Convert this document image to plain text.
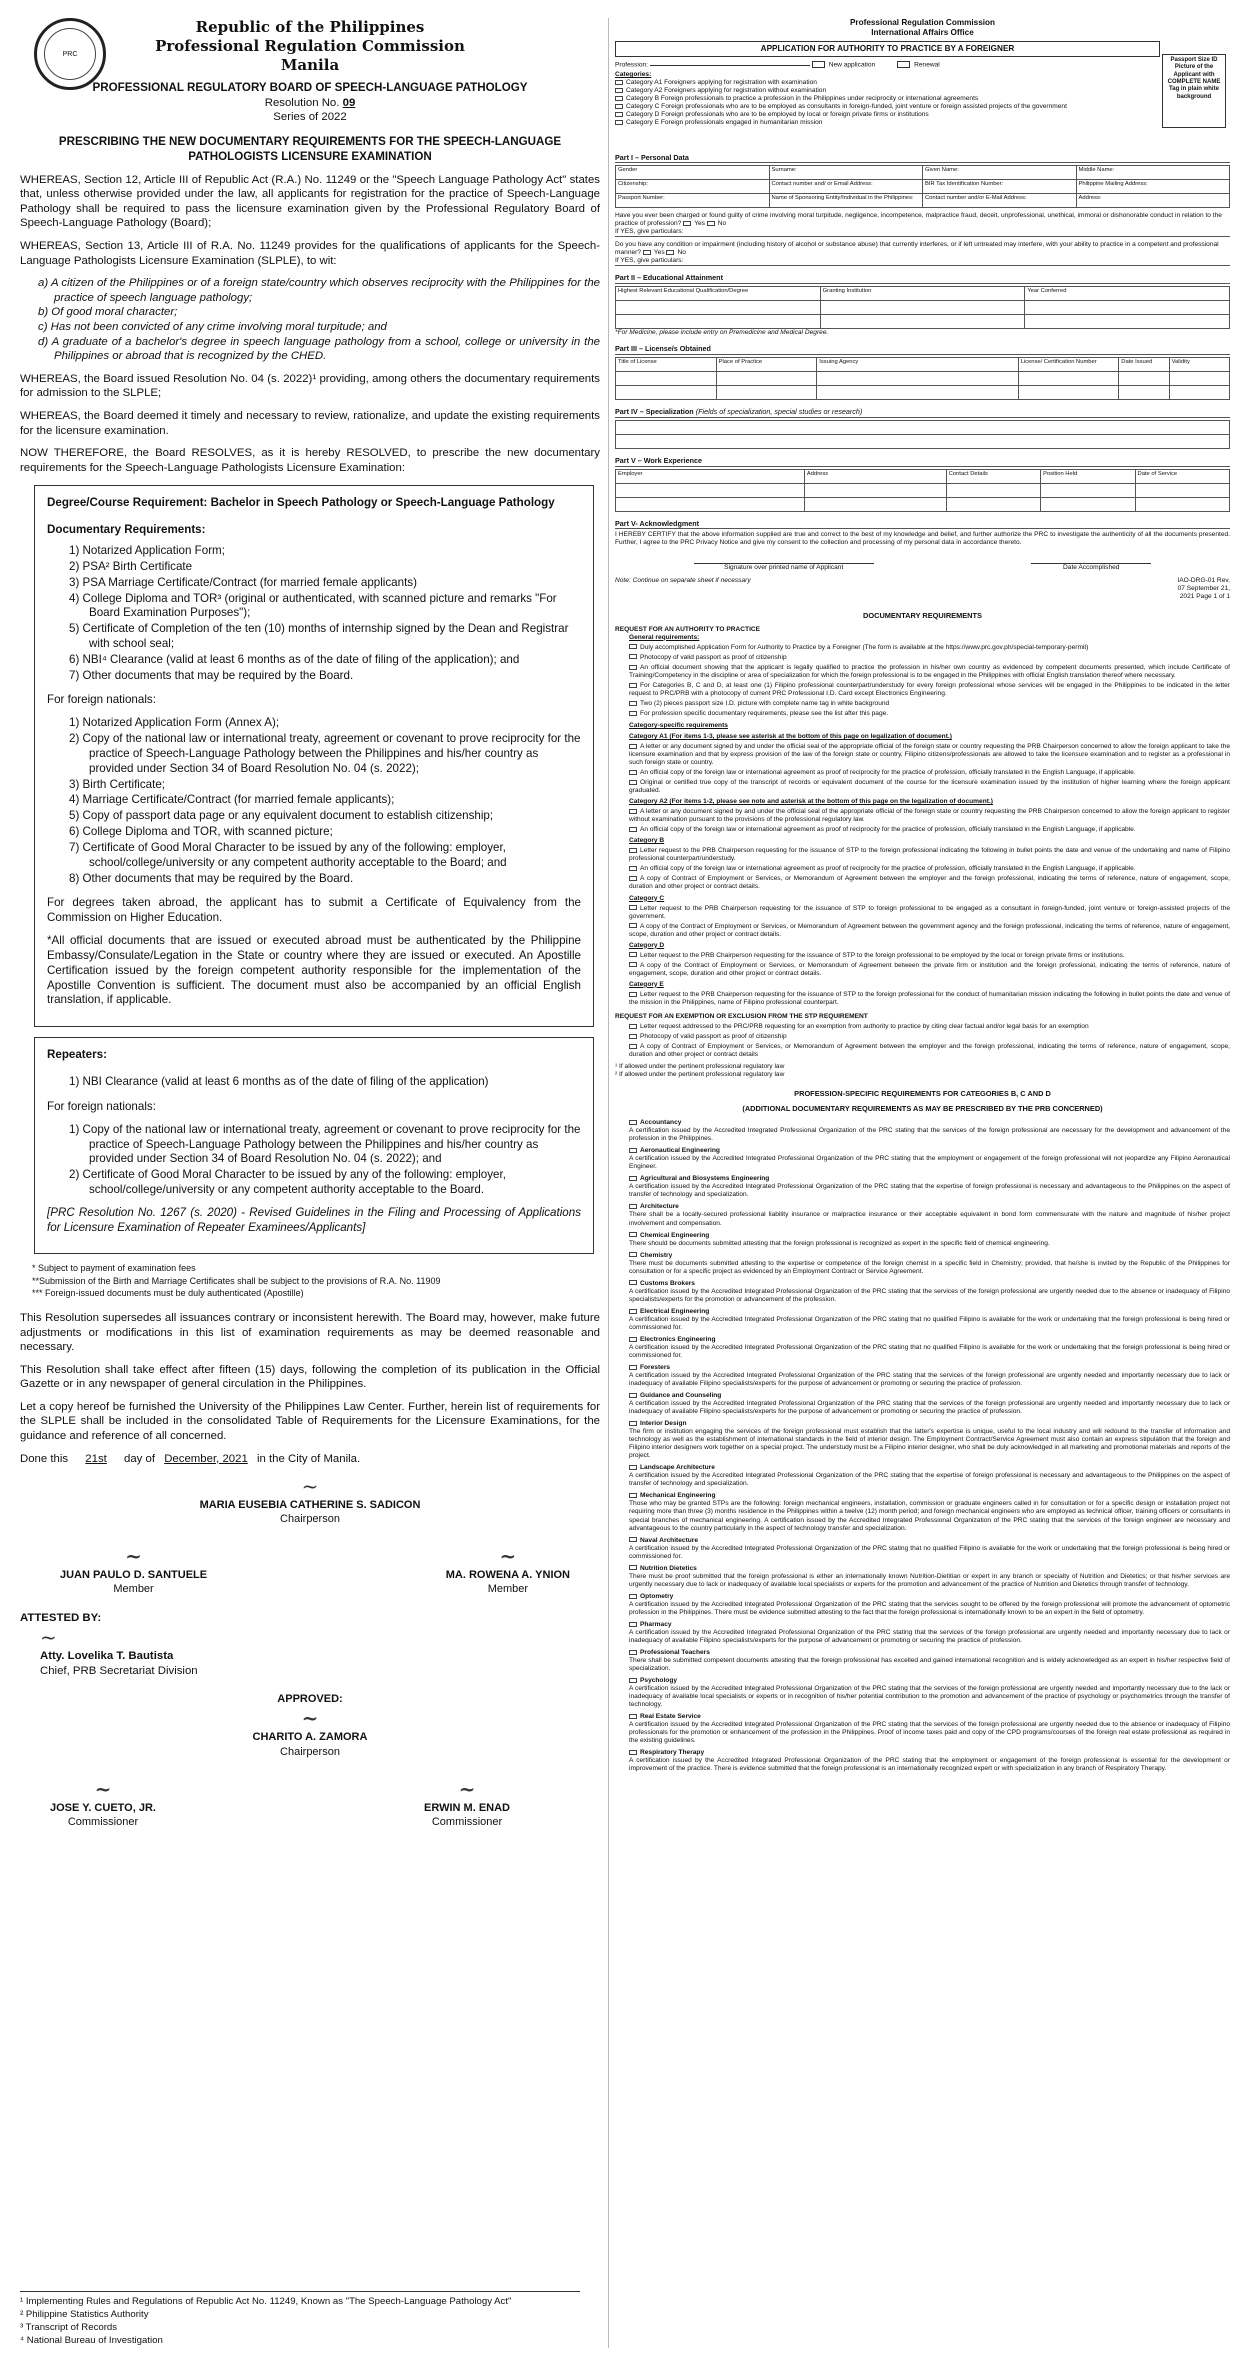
PRC
Republic of the Philippines
Professional Regulation Commission
Manila
PROFESSIONAL REGULATORY BOARD OF SPEECH-LANGUAGE PATHOLOGY
Resolution No. 09
Series of 2022
PRESCRIBING THE NEW DOCUMENTARY REQUIREMENTS FOR THE SPEECH-LANGUAGE PATHOLOGISTS LICENSURE EXAMINATION

WHEREAS, Section 12, Article III of Republic Act (R.A.) No. 11249 or the "Speech Language Pathology Act" states that, unless otherwise provided under the law, all applicants for registration for the practice of Speech-Language Pathology shall be required to pass the licensure examination given by the Professional Regulatory Board of Speech-Language Pathology (Board);

WHEREAS, Section 13, Article III of R.A. No. 11249 provides for the qualifications of applicants for the Speech-Language Pathologists Licensure Examination (SLPLE), to wit:

a) A citizen of the Philippines or of a foreign state/country which observes reciprocity with the Philippines for the practice of speech language pathology;
b) Of good moral character;
c) Has not been convicted of any crime involving moral turpitude; and
d) A graduate of a bachelor's degree in speech language pathology from a school, college or university in the Philippines or abroad that is recognized by the CHED.

WHEREAS, the Board issued Resolution No. 04 (s. 2022)¹ providing, among others the documentary requirements for admission to the SLPLE;

WHEREAS, the Board deemed it timely and necessary to review, rationalize, and update the existing requirements for the licensure examination.

NOW THEREFORE, the Board RESOLVES, as it is hereby RESOLVED, to prescribe the new documentary requirements for the Speech-Language Pathologists Licensure Examination:

Degree/Course Requirement: Bachelor in Speech Pathology or Speech-Language Pathology
Documentary Requirements:
1) Notarized Application Form;
2) PSA² Birth Certificate
3) PSA Marriage Certificate/Contract (for married female applicants)
4) College Diploma and TOR³ (original or authenticated, with scanned picture and remarks "For Board Examination Purposes");
5) Certificate of Completion of the ten (10) months of internship signed by the Dean and Registrar with school seal;
6) NBI⁴ Clearance (valid at least 6 months as of the date of filing of the application); and
7) Other documents that may be required by the Board.
For foreign nationals:
1) Notarized Application Form (Annex A);
2) Copy of the national law or international treaty, agreement or covenant to prove reciprocity for the practice of Speech-Language Pathology between the Philippines and his/her country as provided under Section 34 of Board Resolution No. 04 (s. 2022);
3) Birth Certificate;
4) Marriage Certificate/Contract (for married female applicants);
5) Copy of passport data page or any equivalent document to establish citizenship;
6) College Diploma and TOR, with scanned picture;
7) Certificate of Good Moral Character to be issued by any of the following: employer, school/college/university or any competent authority acceptable to the Board; and
8) Other documents that may be required by the Board.

For degrees taken abroad, the applicant has to submit a Certificate of Equivalency from the Commission on Higher Education.

*All official documents that are issued or executed abroad must be authenticated by the Philippine Embassy/Consulate/Legation in the State or country where they are issued or executed. An Apostille Certification issued by the foreign competent authority responsible for the implementation of the Apostille Convention is sufficient. The document must also be accompanied by an official English translation, if applicable.

Repeaters:
1) NBI Clearance (valid at least 6 months as of the date of filing of the application)
For foreign nationals:
1) Copy of the national law or international treaty, agreement or covenant to prove reciprocity for the practice of Speech-Language Pathology between the Philippines and his/her country as provided under Section 34 of Board Resolution No. 04 (s. 2022); and
2) Certificate of Good Moral Character to be issued by any of the following: employer, school/college/university or any competent authority acceptable to the Board.

[PRC Resolution No. 1267 (s. 2020) - Revised Guidelines in the Filing and Processing of Applications for Licensure Examination of Repeater Examinees/Applicants]

* Subject to payment of examination fees
**Submission of the Birth and Marriage Certificates shall be subject to the provisions of R.A. No. 11909
*** Foreign-issued documents must be duly authenticated (Apostille)

This Resolution supersedes all issuances contrary or inconsistent herewith. The Board may, however, make future adjustments or modifications in this list of examination requirements as may be deemed reasonable and necessary.

This Resolution shall take effect after fifteen (15) days, following the completion of its publication in the Official Gazette or in any newspaper of general circulation in the Philippines.

Let a copy hereof be furnished the University of the Philippines Law Center. Further, herein list of requirements for the SLPLE shall be included in the consolidated Table of Requirements for the Licensure Examinations, for the guidance and reference of all concerned.

Done this 21st day of December, 2021 in the City of Manila.

~
MARIA EUSEBIA CATHERINE S. SADICON
Chairperson
~
JUAN PAULO D. SANTUELE
Member
~
MA. ROWENA A. YNION
Member
ATTESTED BY:
~
Atty. Lovelika T. Bautista
Chief, PRB Secretariat Division
APPROVED:
~
CHARITO A. ZAMORA
Chairperson
~
JOSE Y. CUETO, JR.
Commissioner
~
ERWIN M. ENAD
Commissioner
¹ Implementing Rules and Regulations of Republic Act No. 11249, Known as "The Speech-Language Pathology Act"
² Philippine Statistics Authority
³ Transcript of Records
⁴ National Bureau of Investigation
Professional Regulation Commission
International Affairs Office
APPLICATION FOR AUTHORITY TO PRACTICE BY A FOREIGNER
Passport Size ID Picture of the Applicant with COMPLETE NAME Tag in plain white background
Profession:	New application	Renewal
Categories:
Category A1 Foreigners applying for registration with examination
Category A2 Foreigners applying for registration without examination
Category B Foreign professionals to practice a profession in the Philippines under reciprocity or international agreements
Category C Foreign professionals who are to be employed as consultants in foreign-funded, joint venture or foreign assisted projects of the government
Category D Foreign professionals who are to be employed by local or foreign private firms or institutions
Category E Foreign professionals engaged in humanitarian mission
Part I – Personal Data
Gender	Surname:	Given Name:	Middle Name:
Citizenship:	Contact number and/ or Email Address:	BIR Tax Identification Number:	Philippine Mailing Address:
Passport Number:	Name of Sponsoring Entity/Individual in the Philippines:	Contact number and/or E-Mail Address:	Address:
Have you ever been charged or found guilty of crime involving moral turpitude, negligence, incompetence, malpractice fraud, deceit, unprofessional, unethical, immoral or dishonorable conduct in relation to the practice of profession? Yes No
If YES, give particulars:
Do you have any condition or impairment (including history of alcohol or substance abuse) that currently interferes, or if left untreated may interfere, with your ability to practice in a competent and professional manner? Yes No
If YES, give particulars:
Part II – Educational Attainment
Highest Relevant Educational Qualification/Degree	Granting Institution	Year Conferred
*For Medicine, please include entry on Premedicine and Medical Degree.
Part III – License/s Obtained
Title of License	Place of Practice	Issuing Agency	License/ Certification Number	Date Issued	Validity
Part IV – Specialization (Fields of specialization, special studies or research)
Part V – Work Experience
Employer	Address	Contact Details	Position Held	Date of Service
Part V- Acknowledgment
I HEREBY CERTIFY that the above information supplied are true and correct to the best of my knowledge and belief, and further authorize the PRC to investigate the authenticity of all the documents presented. Further, I agree to the PRC Privacy Notice and give my consent to the collection and processing of my personal data in accordance thereto.
Signature over printed name of Applicant	Date Accomplished
Note: Continue on separate sheet if necessary	IAO-DRG-01 Rev. 07 September 21, 2021 Page 1 of 1
DOCUMENTARY REQUIREMENTS
REQUEST FOR AN AUTHORITY TO PRACTICE
General requirements:
Duly accomplished Application Form for Authority to Practice by a Foreigner (The form is available at the https://www.prc.gov.ph/special-temporary-permit)
Photocopy of valid passport as proof of citizenship
An official document showing that the applicant is legally qualified to practice the profession in his/her own country as evidenced by competent documents presented, which include Certificate of Training/Competency in the discipline or area of specialization for which the foreign professional is to be engaged in the Philippines with official English translation thereof where necessary.
For Categories B, C and D, at least one (1) Filipino professional counterpart/understudy for every foreign professional whose services will be engaged in the Philippines to be indicated in the letter request to PRC/PRB with a photocopy of current PRC Professional I.D. Card except Electronics Engineering.
Two (2) pieces passport size I.D. picture with complete name tag in white background
For profession specific documentary requirements, please see the list after this page.
Category-specific requirements
Category A1 (For items 1-3, please see asterisk at the bottom of this page on legalization of document.)
A letter or any document signed by and under the official seal of the appropriate official of the foreign state or country requesting the PRB Chairperson concerned to allow the foreign applicant to take the licensure examination and that by express provision of the law of the foreign state or country, Filipino citizens/professionals are allowed to take the licensure examination and to register as a professional in such foreign state or country.
An official copy of the foreign law or international agreement as proof of reciprocity for the practice of profession, officially translated in the English Language, if applicable.
Original or certified true copy of the transcript of records or equivalent document of the course for the licensure examination issued by the institution of higher learning where the foreign applicant graduated.
Category A2 (For items 1-2, please see note and asterisk at the bottom of this page on the legalization of document.)
A letter or any document signed by and under the official seal of the appropriate official of the foreign state or country requesting the PRB Chairperson concerned to allow the foreign applicant to register without examination pursuant to the provisions of the professional regulatory law.
An official copy of the foreign law or international agreement as proof of reciprocity for the practice of profession, officially translated in the English Language, if applicable.
Category B
Letter request to the PRB Chairperson requesting for the issuance of STP to the foreign professional indicating the following in bullet points the date and venue of the undertaking and name of Filipino professional counterpart/understudy.
An official copy of the foreign law or international agreement as proof of reciprocity for the practice of profession, officially translated in the English Language, if applicable.
A copy of Contract of Employment or Services, or Memorandum of Agreement between the employer and the foreign professional, indicating the terms of reference, nature of engagement, scope, duration and other project or contract details.
Category C
Letter request to the PRB Chairperson requesting for the issuance of STP to foreign professional to be engaged as a consultant in foreign-funded, joint venture or foreign-assisted projects of the government.
A copy of the Contract of Employment or Services, or Memorandum of Agreement between the government agency and the foreign professional, indicating the terms of reference, nature of engagement, scope, duration and other project or contract details.
Category D
Letter request to the PRB Chairperson requesting for the issuance of STP to the foreign professional to be employed by the local or foreign private firms or institutions.
A copy of the Contract of Employment or Services, or Memorandum of Agreement between the private firm or institution and the foreign professional, indicating the terms of reference, nature of engagement, scope, duration and other project or contract details.
Category E
Letter request to the PRB Chairperson requesting for the issuance of STP to the foreign professional for the conduct of humanitarian mission indicating the following in bullet points the date and venue of the mission in the Philippines, name of Filipino professional counterpart.
REQUEST FOR AN EXEMPTION OR EXCLUSION FROM THE STP REQUIREMENT
Letter request addressed to the PRC/PRB requesting for an exemption from authority to practice by citing clear factual and/or legal basis for an exemption
Photocopy of valid passport as proof of citizenship
A copy of Contract of Employment or Services, or Memorandum of Agreement between the employer and the foreign professional, indicating the terms of reference, nature of engagement, scope, duration and other project or contract details
¹ If allowed under the pertinent professional regulatory law
² If allowed under the pertinent professional regulatory law
PROFESSION-SPECIFIC REQUIREMENTS FOR CATEGORIES B, C AND D
(ADDITIONAL DOCUMENTARY REQUIREMENTS AS MAY BE PRESCRIBED BY THE PRB CONCERNED)
Accountancy
A certification issued by the Accredited Integrated Professional Organization of the PRC stating that the services of the foreign professional are necessary for the development and advancement of the profession in the Philippines.
Aeronautical Engineering
A certification issued by the Accredited Integrated Professional Organization of the PRC stating that the employment or engagement of the foreign professional will not jeopardize any Filipino Aeronautical Engineer.
Agricultural and Biosystems Engineering
A certification issued by the Accredited Integrated Professional Organization of the PRC stating that the expertise of foreign professional is necessary and advantageous to the Philippines on the aspect of transfer of technology and specialization.
Architecture
There shall be a locally-secured professional liability insurance or malpractice insurance or their acceptable equivalent in bond form commensurate with the nature and magnitude of his/her project involvement and compensation.
Chemical Engineering
There should be documents submitted attesting that the foreign professional is recognized as expert in the specific field of chemical engineering.
Chemistry
There must be documents submitted attesting to the expertise or competence of the foreign chemist in a specific field in Chemistry; provided, that he/she is invited by the Republic of the Philippines for consultation or for a specific project as evidenced by an Employment Contract or Service Agreement.
Customs Brokers
A certification issued by the Accredited Integrated Professional Organization of the PRC stating that the services of the foreign professional are urgently needed due to the absence or inadequacy of Filipino specialists/experts for the promotion or advancement of the profession.
Electrical Engineering
A certification issued by the Accredited Integrated Professional Organization of the PRC stating that no qualified Filipino is available for the work or undertaking that the foreign professional is being hired or commissioned for.
Electronics Engineering
A certification issued by the Accredited Integrated Professional Organization of the PRC stating that no qualified Filipino is available for the work or undertaking that the foreign professional is being hired or commissioned for.
Foresters
A certification issued by the Accredited Integrated Professional Organization of the PRC stating that the services of the foreign professional are urgently needed and importantly necessary due to lack or inadequacy of available Filipino specialists/experts for the purpose of advancement or promoting or securing the practice of profession.
Guidance and Counseling
A certification issued by the Accredited Integrated Professional Organization of the PRC stating that the services of the foreign professional are urgently needed and importantly necessary due to lack or inadequacy of available Filipino specialists/experts for the purpose of advancement or promoting or securing the practice of profession.
Interior Design
The firm or institution engaging the services of the foreign professional must establish that the latter's expertise is unique, useful to the local industry and will redound to the transfer of information and technology as well as the establishment of international standards in the field of interior design. The Employment Contract/Service Agreement must also contain an express stipulation that the foreign and Filipino interior designers work together on a special project. The understudy must be a Filipino interior designer, who shall be duly acknowledged in all marketing and promotional materials and reports of the project.
Landscape Architecture
A certification issued by the Accredited Integrated Professional Organization of the PRC stating that the expertise of foreign professional is necessary and advantageous to the Philippines on the aspect of transfer of technology and specialization.
Mechanical Engineering
Those who may be granted STPs are the following: foreign mechanical engineers, installation, commission or graduate engineers called in for consultation or for a specific design or installation project not requiring more than three (3) months residence in the Philippines within a twelve (12) month period; and foreign mechanical engineers who are employed as technical officer, training officers or consultants in special branches of mechanical engineering. A certification issued by the Accredited Integrated Professional Organization of the PRC stating that the services of the foreign engineer are necessary and advantageous to the country particularly in the aspect of technology transfer and specialization.
Naval Architecture
A certification issued by the Accredited Integrated Professional Organization of the PRC stating that no qualified Filipino is available for the work or undertaking that the foreign professional is being hired or commissioned for.
Nutrition Dietetics
There must be proof submitted that the foreign professional is either an internationally known Nutrition-Dietitian or expert in any branch or specialty of Nutrition and Dietetics; or that his/her services are urgently necessary due to lack or inadequacy of available local specialists or experts for the promotion and advancement of the practice of Nutrition and Dietetics through transfer of technology.
Optometry
A certification issued by the Accredited Integrated Professional Organization of the PRC stating that the services sought to be offered by the foreign professional will promote the advancement of optometric profession in the Philippines. There must be evidence submitted attesting to the fact that the foreign professional is internationally known to be an expert in the field of optometry.
Pharmacy
A certification issued by the Accredited Integrated Professional Organization of the PRC stating that the services of the foreign professional are urgently needed and importantly necessary due to lack or inadequacy of available Filipino specialists/experts for the purpose of advancement or promoting or securing the practice of profession.
Professional Teachers
There shall be submitted competent documents attesting that the foreign professional has excelled and gained international recognition and is widely acknowledged as an expert in his/her respective field of specialization.
Psychology
A certification issued by the Accredited Integrated Professional Organization of the PRC stating that the services of the foreign professional are urgently needed and importantly necessary due to the lack or inadequacy of available local specialists or experts or in recognition of his/her potential contribution to the promotion and advancement of the practice of psychology or psychometrics through the transfer of technology.
Real Estate Service
A certification issued by the Accredited Integrated Professional Organization of the PRC stating that the services of the foreign professional are urgently needed due to the absence or inadequacy of Filipino professionals for the promotion or enhancement of the profession in the Philippines. Proof of income taxes paid and copy of the CPD programs/courses of the foreign real estate professional as required in the existing guidelines.
Respiratory Therapy
A certification issued by the Accredited Integrated Professional Organization of the PRC stating that the employment or engagement of the foreign professional is essential for the development or improvement of the practice. There is evidence submitted that the foreign professional is an internationally recognized expert or with specialization in any branch of Respiratory Therapy.
